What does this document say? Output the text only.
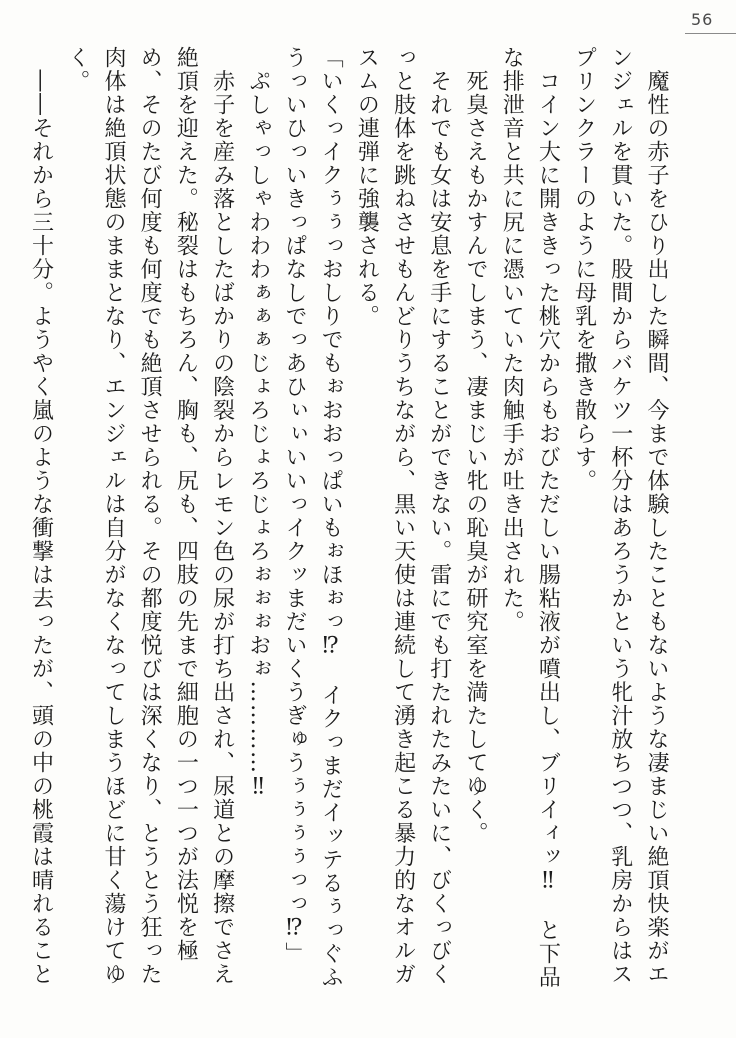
56

　魔性の赤子をひり出した瞬間、今まで体験したこともないような凄まじい絶頂快楽がエンジェルを貫いた。股間からバケツ一杯分はあろうかという牝汁放ちつつ、乳房からはスプリンクラーのように母乳を撒き散らす。

　コイン大に開ききった桃穴からもおびただしい腸粘液が噴出し、ブリイィッ‼　と下品な排泄音と共に尻に憑いていた肉触手が吐き出された。

　死臭さえもかすんでしまう、凄まじい牝の恥臭が研究室を満たしてゆく。

　それでも女は安息を手にすることができない。雷にでも打たれたみたいに、びくっびくっと肢体を跳ねさせもんどりうちながら、黒い天使は連続して湧き起こる暴力的なオルガスムの連弾に強襲される。

「いくっイクぅぅっおしりでもぉおおっぱいもぉほぉっ⁉　イクっまだイッテるぅっぐふうっいひっいきっぱなしでっあひぃぃいいっイクッまだいくうぎゅうぅぅぅぅっっ⁉」

　ぷしゃっしゃわわわぁぁぁじょろじょろじょろぉぉぉおぉ…………‼

　赤子を産み落としたばかりの陰裂からレモン色の尿が打ち出され、尿道との摩擦でさえ絶頂を迎えた。秘裂はもちろん、胸も、尻も、四肢の先まで細胞の一つ一つが法悦を極め、そのたび何度も何度でも絶頂させられる。その都度悦びは深くなり、とうとう狂った肉体は絶頂状態のままとなり、エンジェルは自分がなくなってしまうほどに甘く蕩けてゆく。

　――それから三十分。ようやく嵐のような衝撃は去ったが、頭の中の桃霞は晴れること
